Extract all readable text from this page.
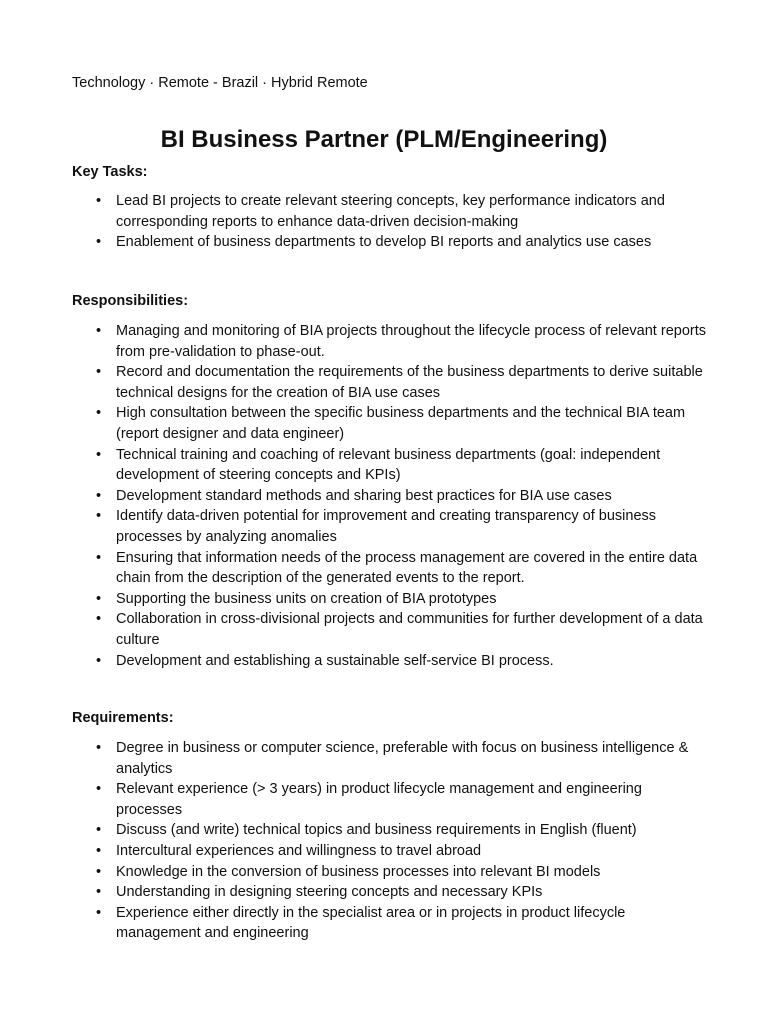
Technology · Remote - Brazil · Hybrid Remote
BI Business Partner (PLM/Engineering)
Key Tasks:
•	Lead BI projects to create relevant steering concepts, key performance indicators and corresponding reports to enhance data-driven decision-making
•	Enablement of business departments to develop BI reports and analytics use cases
Responsibilities:
•	Managing and monitoring of BIA projects throughout the lifecycle process of relevant reports from pre-validation to phase-out.
•	Record and documentation the requirements of the business departments to derive suitable technical designs for the creation of BIA use cases
•	High consultation between the specific business departments and the technical BIA team (report designer and data engineer)
•	Technical training and coaching of relevant business departments (goal: independent development of steering concepts and KPIs)
•	Development standard methods and sharing best practices for BIA use cases
•	Identify data-driven potential for improvement and creating transparency of business processes by analyzing anomalies
•	Ensuring that information needs of the process management are covered in the entire data chain from the description of the generated events to the report.
•	Supporting the business units on creation of BIA prototypes
•	Collaboration in cross-divisional projects and communities for further development of a data culture
•	Development and establishing a sustainable self-service BI process.
Requirements:
•	Degree in business or computer science, preferable with focus on business intelligence & analytics
•	Relevant experience (> 3 years) in product lifecycle management and engineering processes
•	Discuss (and write) technical topics and business requirements in English (fluent)
•	Intercultural experiences and willingness to travel abroad
•	Knowledge in the conversion of business processes into relevant BI models
•	Understanding in designing steering concepts and necessary KPIs
•	Experience either directly in the specialist area or in projects in product lifecycle management and engineering
